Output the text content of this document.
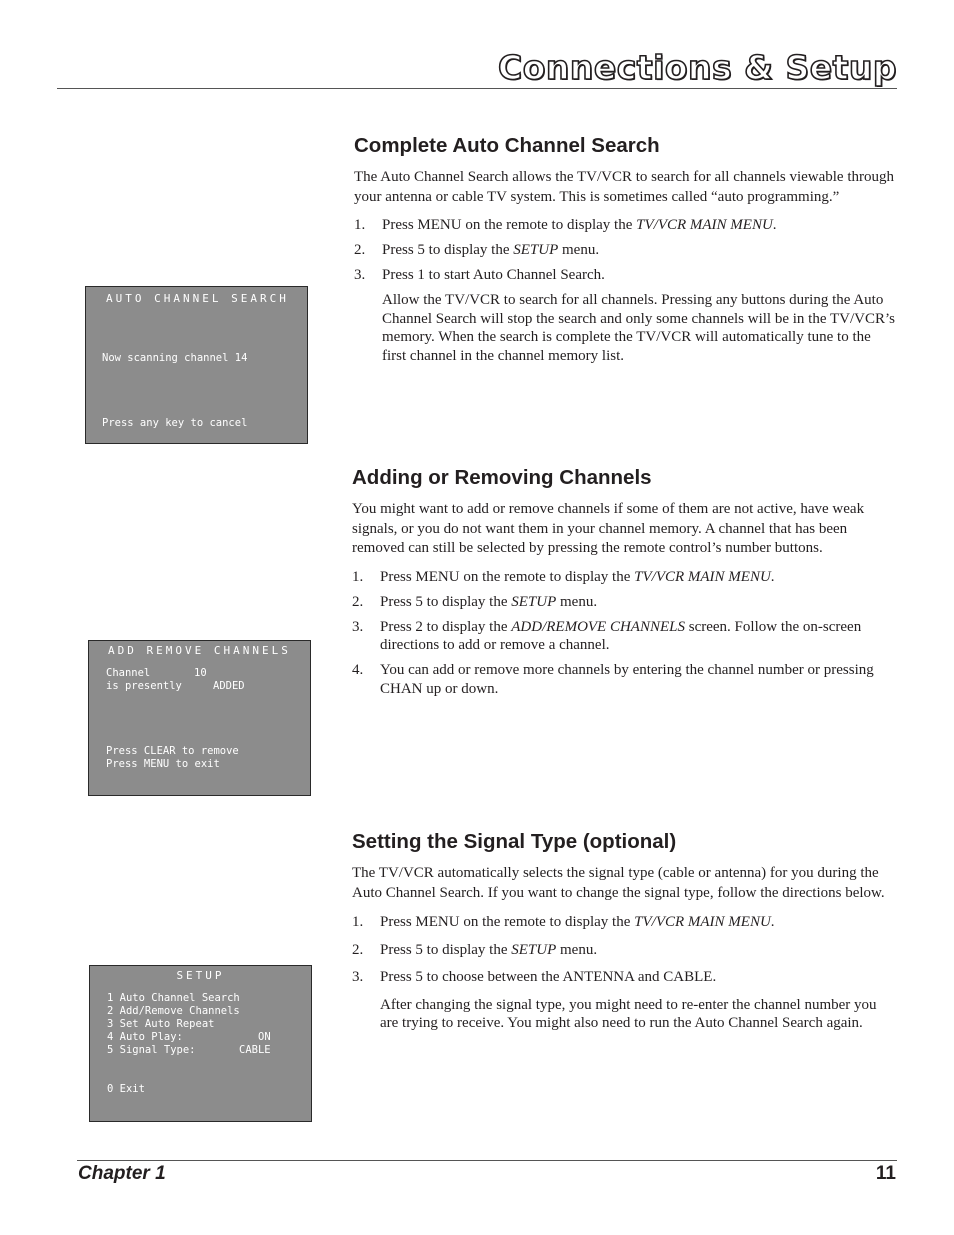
Connections & Setup
Complete Auto Channel Search

The Auto Channel Search allows the TV/VCR to search for all channels viewable through your antenna or cable TV system. This is sometimes called “auto programming.”

1.	Press MENU on the remote to display the TV/VCR MAIN MENU.
2.	Press 5 to display the SETUP menu.
3.	Press 1 to start Auto Channel Search.

Allow the TV/VCR to search for all channels. Pressing any buttons during the Auto Channel Search will stop the search and only some channels will be in the TV/VCR’s memory. When the search is complete the TV/VCR will automatically tune to the first channel in the channel memory list.

AUTO CHANNEL SEARCH
Now scanning channel 14
Press any key to cancel
Adding or Removing Channels

You might want to add or remove channels if some of them are not active, have weak signals, or you do not want them in your channel memory. A channel that has been removed can still be selected by pressing the remote control’s number buttons.

1.	Press MENU on the remote to display the TV/VCR MAIN MENU.
2.	Press 5 to display the SETUP menu.
3.	Press 2 to display the ADD/REMOVE CHANNELS screen. Follow the on-screen directions to add or remove a channel.
4.	You can add or remove more channels by entering the channel number or pressing CHAN up or down.
ADD REMOVE CHANNELS
Channel	10
is presently	ADDED
Press CLEAR to remove
Press MENU to exit
Setting the Signal Type (optional)

The TV/VCR automatically selects the signal type (cable or antenna) for you during the Auto Channel Search. If you want to change the signal type, follow the directions below.

1.	Press MENU on the remote to display the TV/VCR MAIN MENU.
2.	Press 5 to display the SETUP menu.
3.	Press 5 to choose between the ANTENNA and CABLE.

After changing the signal type, you might need to re-enter the channel number you are trying to receive. You might also need to run the Auto Channel Search again.

SETUP
1 Auto Channel Search
2 Add/Remove Channels
3 Set Auto Repeat
4 Auto Play:	ON
5 Signal Type:	CABLE
0 Exit
Chapter 1	11
